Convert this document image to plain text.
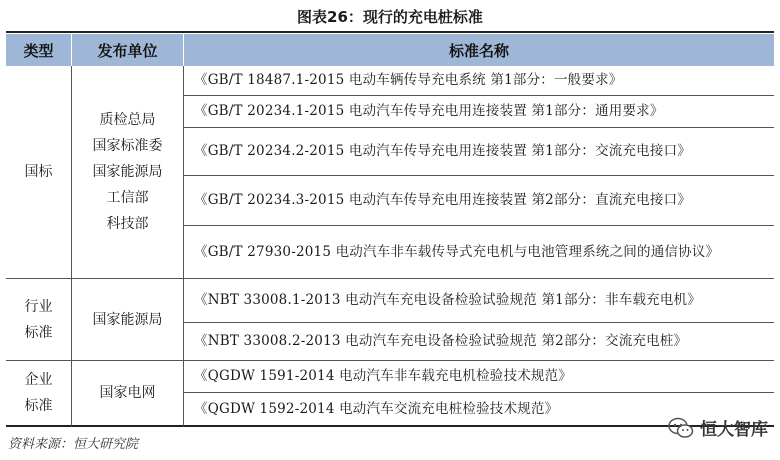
图表26：现行的充电桩标准
类型	发布单位	标准名称
国标
质检总局
国家标准委
国家能源局
工信部
科技部
《GB/T 18487.1-2015 电动车辆传导充电系统 第1部分：一般要求》
《GB/T 20234.1-2015 电动汽车传导充电用连接装置 第1部分：通用要求》
《GB/T 20234.2-2015 电动汽车传导充电用连接装置 第1部分：交流充电接口》
《GB/T 20234.3-2015 电动汽车传导充电用连接装置 第2部分：直流充电接口》
《GB/T 27930-2015 电动汽车非车载传导式充电机与电池管理系统之间的通信协议》
行业
标准
国家能源局
《NBT 33008.1-2013 电动汽车充电设备检验试验规范 第1部分：非车载充电机》
《NBT 33008.2-2013 电动汽车充电设备检验试验规范 第2部分：交流充电桩》
企业
标准
国家电网
《QGDW 1591-2014 电动汽车非车载充电机检验技术规范》
《QGDW 1592-2014 电动汽车交流充电桩检验技术规范》
资料来源：恒大研究院
恒大智库
